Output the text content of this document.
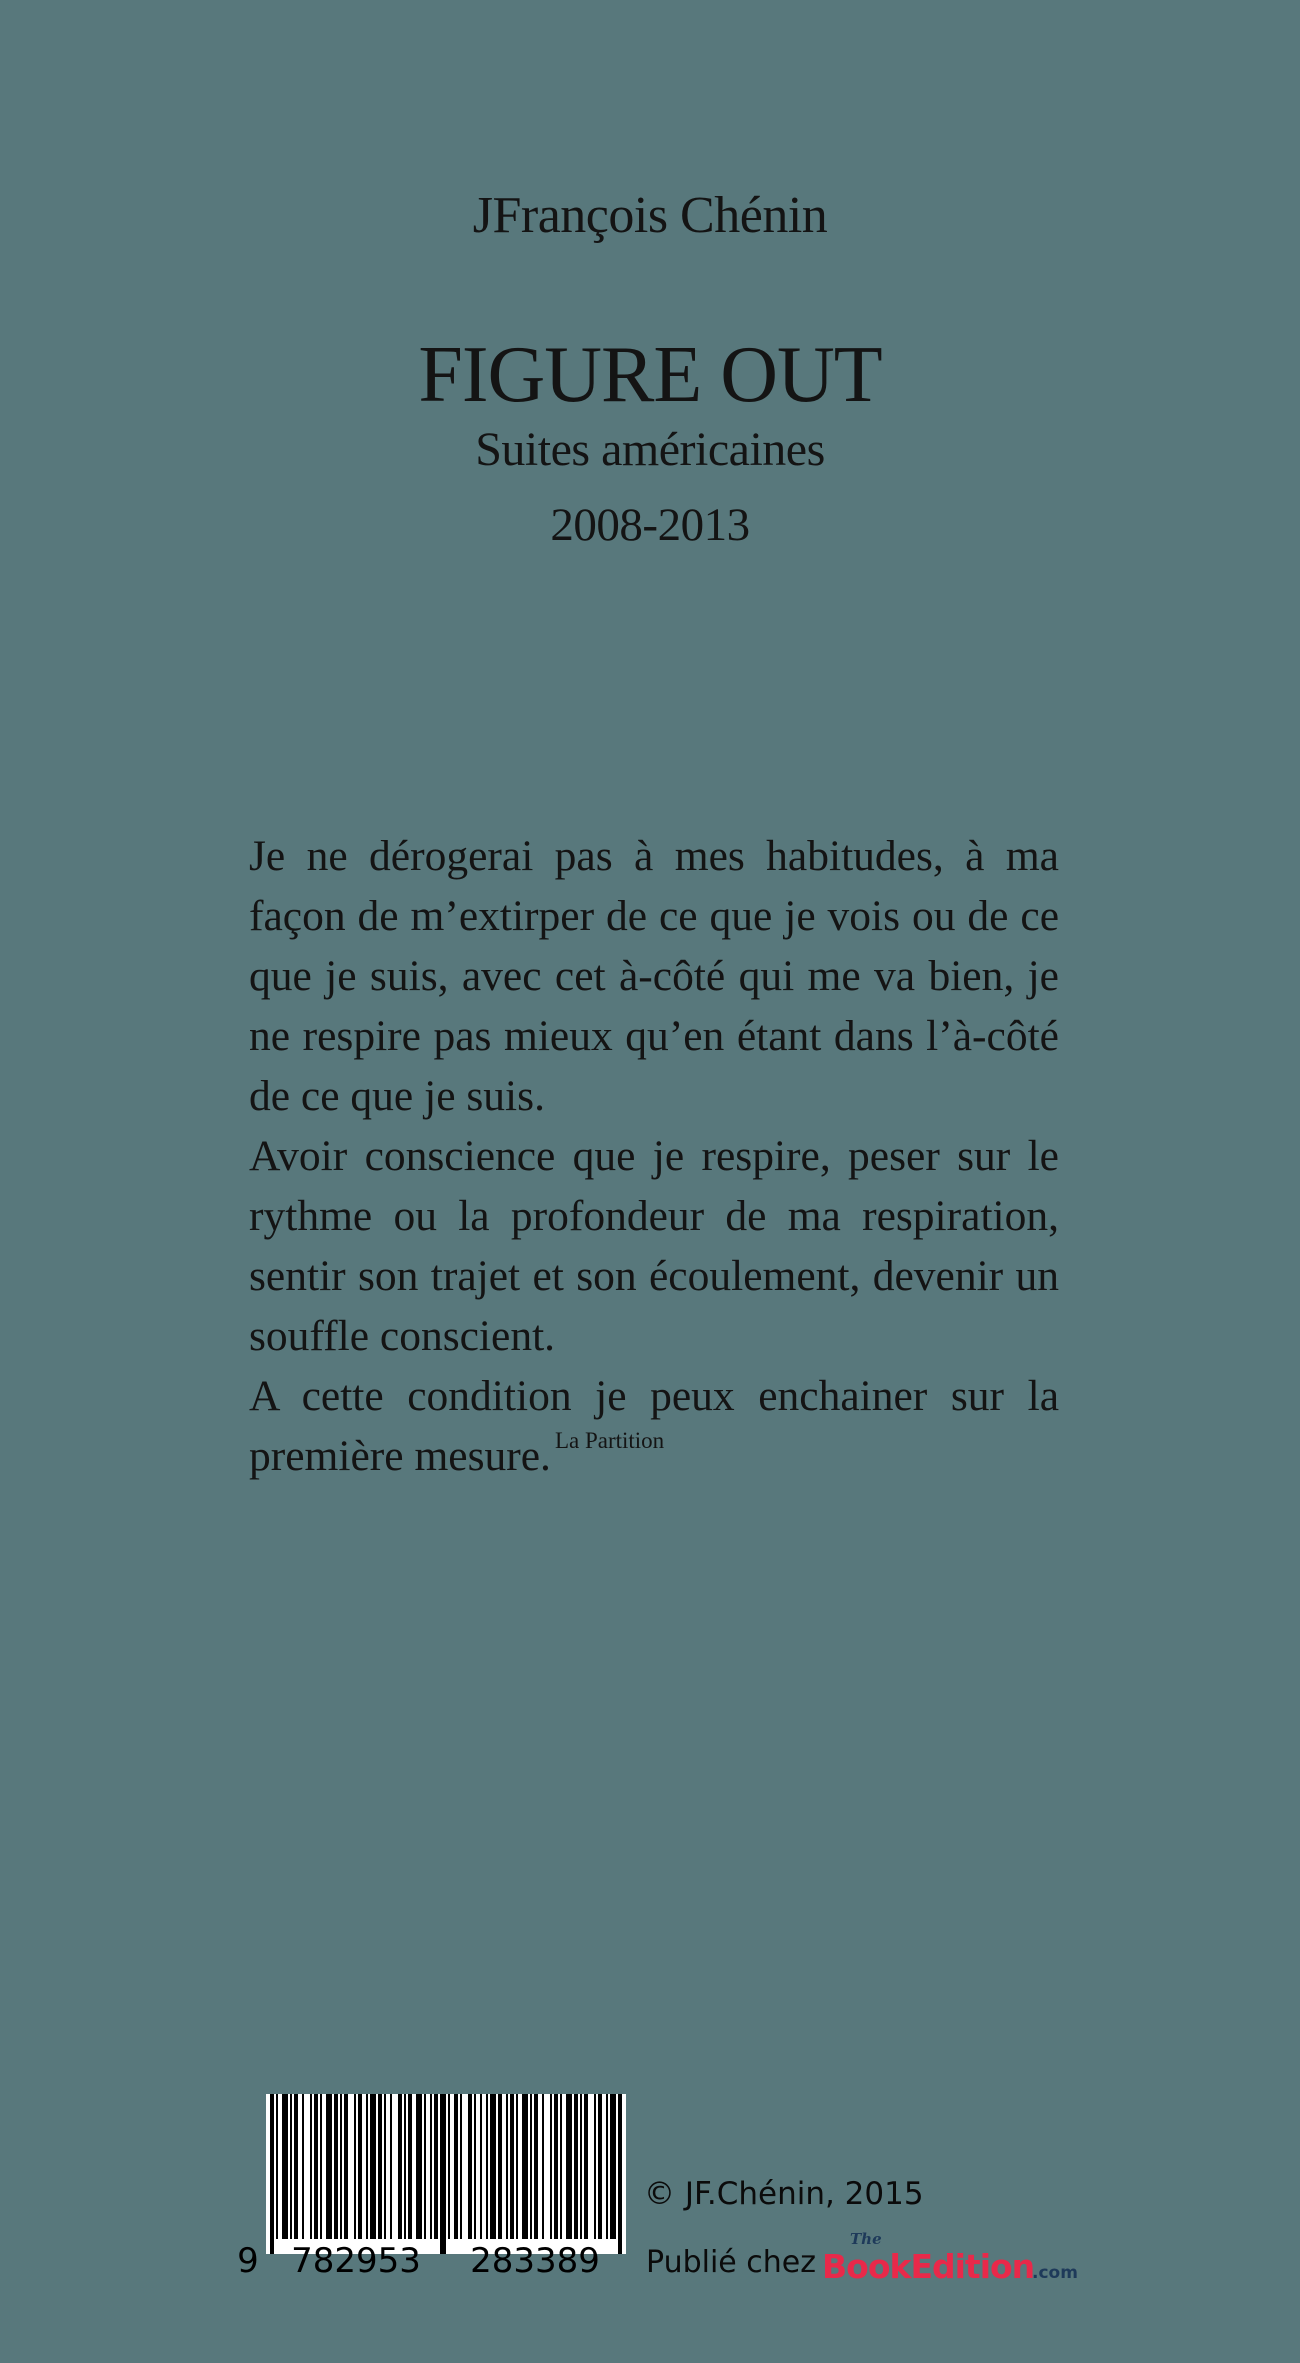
JFrançois Chénin
FIGURE OUT
Suites américaines
2008-2013

Je ne dérogerai pas à mes habitudes, à ma façon de m’extirper de ce que je vois ou de ce que je suis, avec cet à-côté qui me va bien, je ne respire pas mieux qu’en étant dans l’à-côté de ce que je suis.

Avoir conscience que je respire, peser sur le rythme ou la profondeur de ma respiration, sentir son trajet et son écoulement, devenir un souffle conscient.

A cette condition je peux enchainer sur la première mesure. $^{La Partition}$

9 782953 283389
© JF.Chénin, 2015
Publié chez
The
BookEdition
.com
